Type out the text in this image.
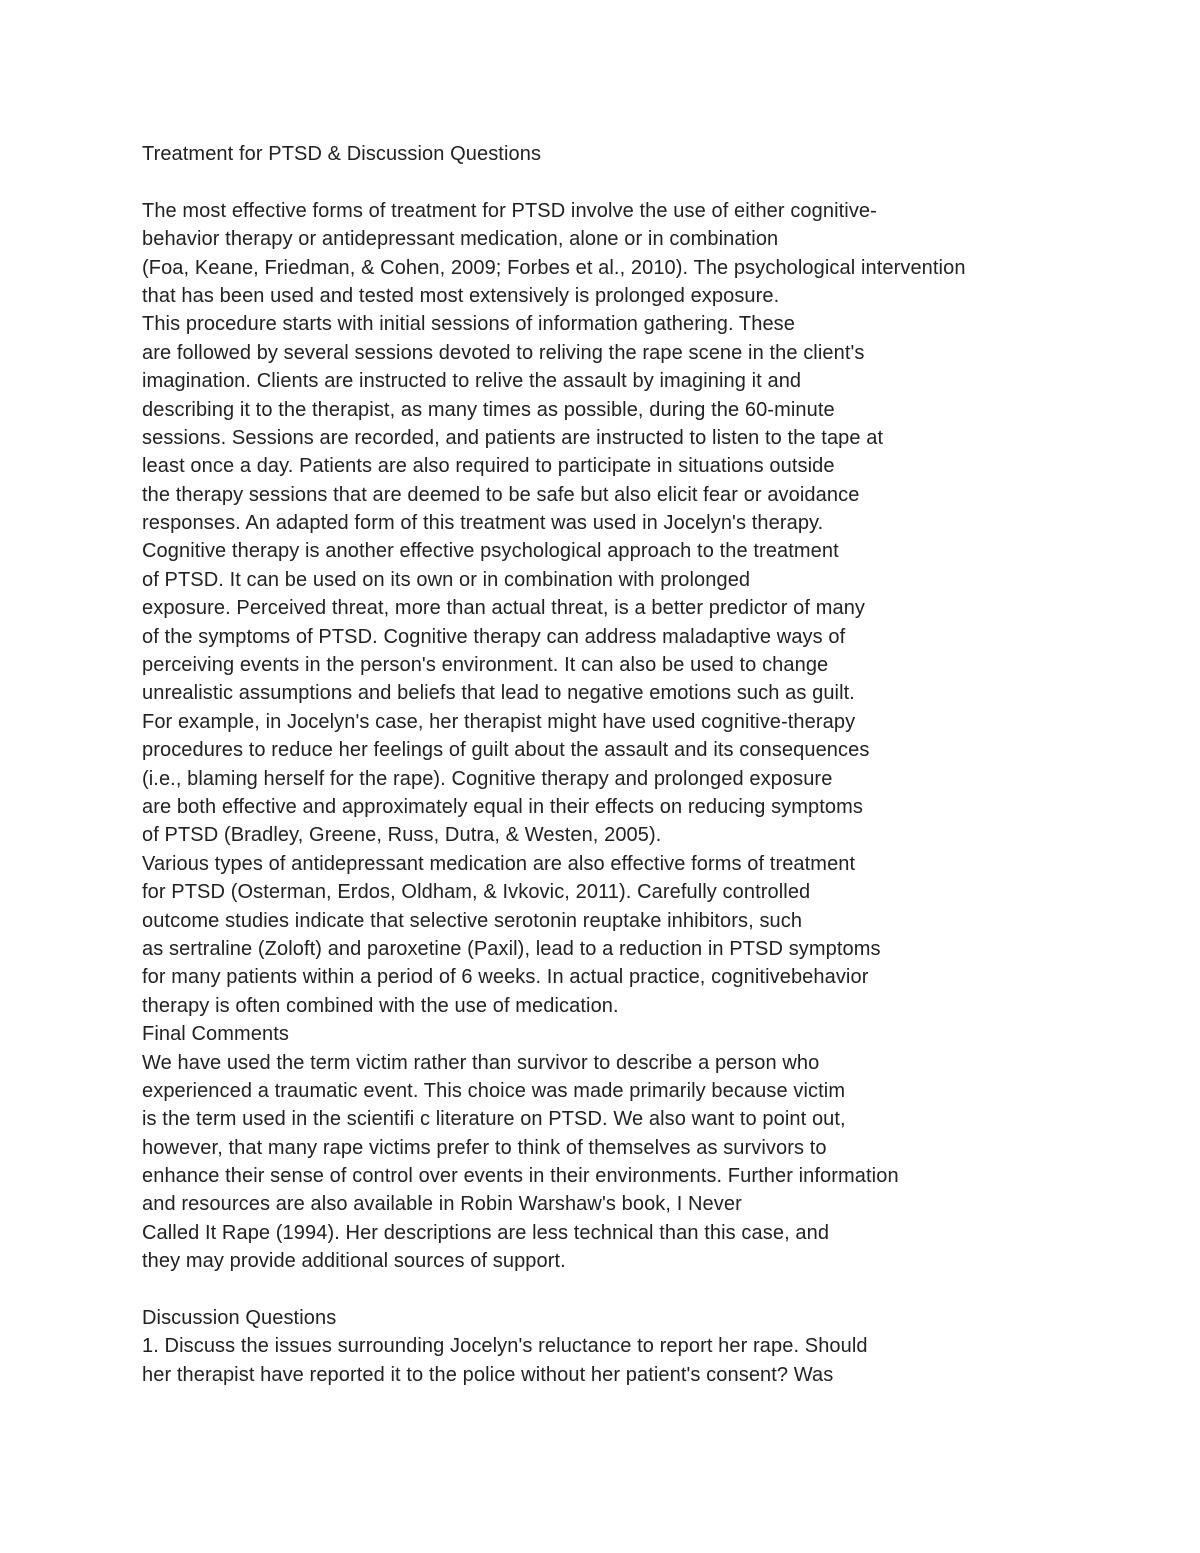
Treatment for PTSD & Discussion Questions
The most effective forms of treatment for PTSD involve the use of either cognitive-
behavior therapy or antidepressant medication, alone or in combination
(Foa, Keane, Friedman, & Cohen, 2009; Forbes et al., 2010). The psychological intervention
that has been used and tested most extensively is prolonged exposure.
This procedure starts with initial sessions of information gathering. These
are followed by several sessions devoted to reliving the rape scene in the client's
imagination. Clients are instructed to relive the assault by imagining it and
describing it to the therapist, as many times as possible, during the 60-minute
sessions. Sessions are recorded, and patients are instructed to listen to the tape at
least once a day. Patients are also required to participate in situations outside
the therapy sessions that are deemed to be safe but also elicit fear or avoidance
responses. An adapted form of this treatment was used in Jocelyn's therapy.
Cognitive therapy is another effective psychological approach to the treatment
of PTSD. It can be used on its own or in combination with prolonged
exposure. Perceived threat, more than actual threat, is a better predictor of many
of the symptoms of PTSD. Cognitive therapy can address maladaptive ways of
perceiving events in the person's environment. It can also be used to change
unrealistic assumptions and beliefs that lead to negative emotions such as guilt.
For example, in Jocelyn's case, her therapist might have used cognitive-therapy
procedures to reduce her feelings of guilt about the assault and its consequences
(i.e., blaming herself for the rape). Cognitive therapy and prolonged exposure
are both effective and approximately equal in their effects on reducing symptoms
of PTSD (Bradley, Greene, Russ, Dutra, & Westen, 2005).
Various types of antidepressant medication are also effective forms of treatment
for PTSD (Osterman, Erdos, Oldham, & Ivkovic, 2011). Carefully controlled
outcome studies indicate that selective serotonin reuptake inhibitors, such
as sertraline (Zoloft) and paroxetine (Paxil), lead to a reduction in PTSD symptoms
for many patients within a period of 6 weeks. In actual practice, cognitivebehavior
therapy is often combined with the use of medication.
Final Comments
We have used the term victim rather than survivor to describe a person who
experienced a traumatic event. This choice was made primarily because victim
is the term used in the scientifi c literature on PTSD. We also want to point out,
however, that many rape victims prefer to think of themselves as survivors to
enhance their sense of control over events in their environments. Further information
and resources are also available in Robin Warshaw's book, I Never
Called It Rape (1994). Her descriptions are less technical than this case, and
they may provide additional sources of support.
Discussion Questions
1. Discuss the issues surrounding Jocelyn's reluctance to report her rape. Should
her therapist have reported it to the police without her patient's consent? Was
